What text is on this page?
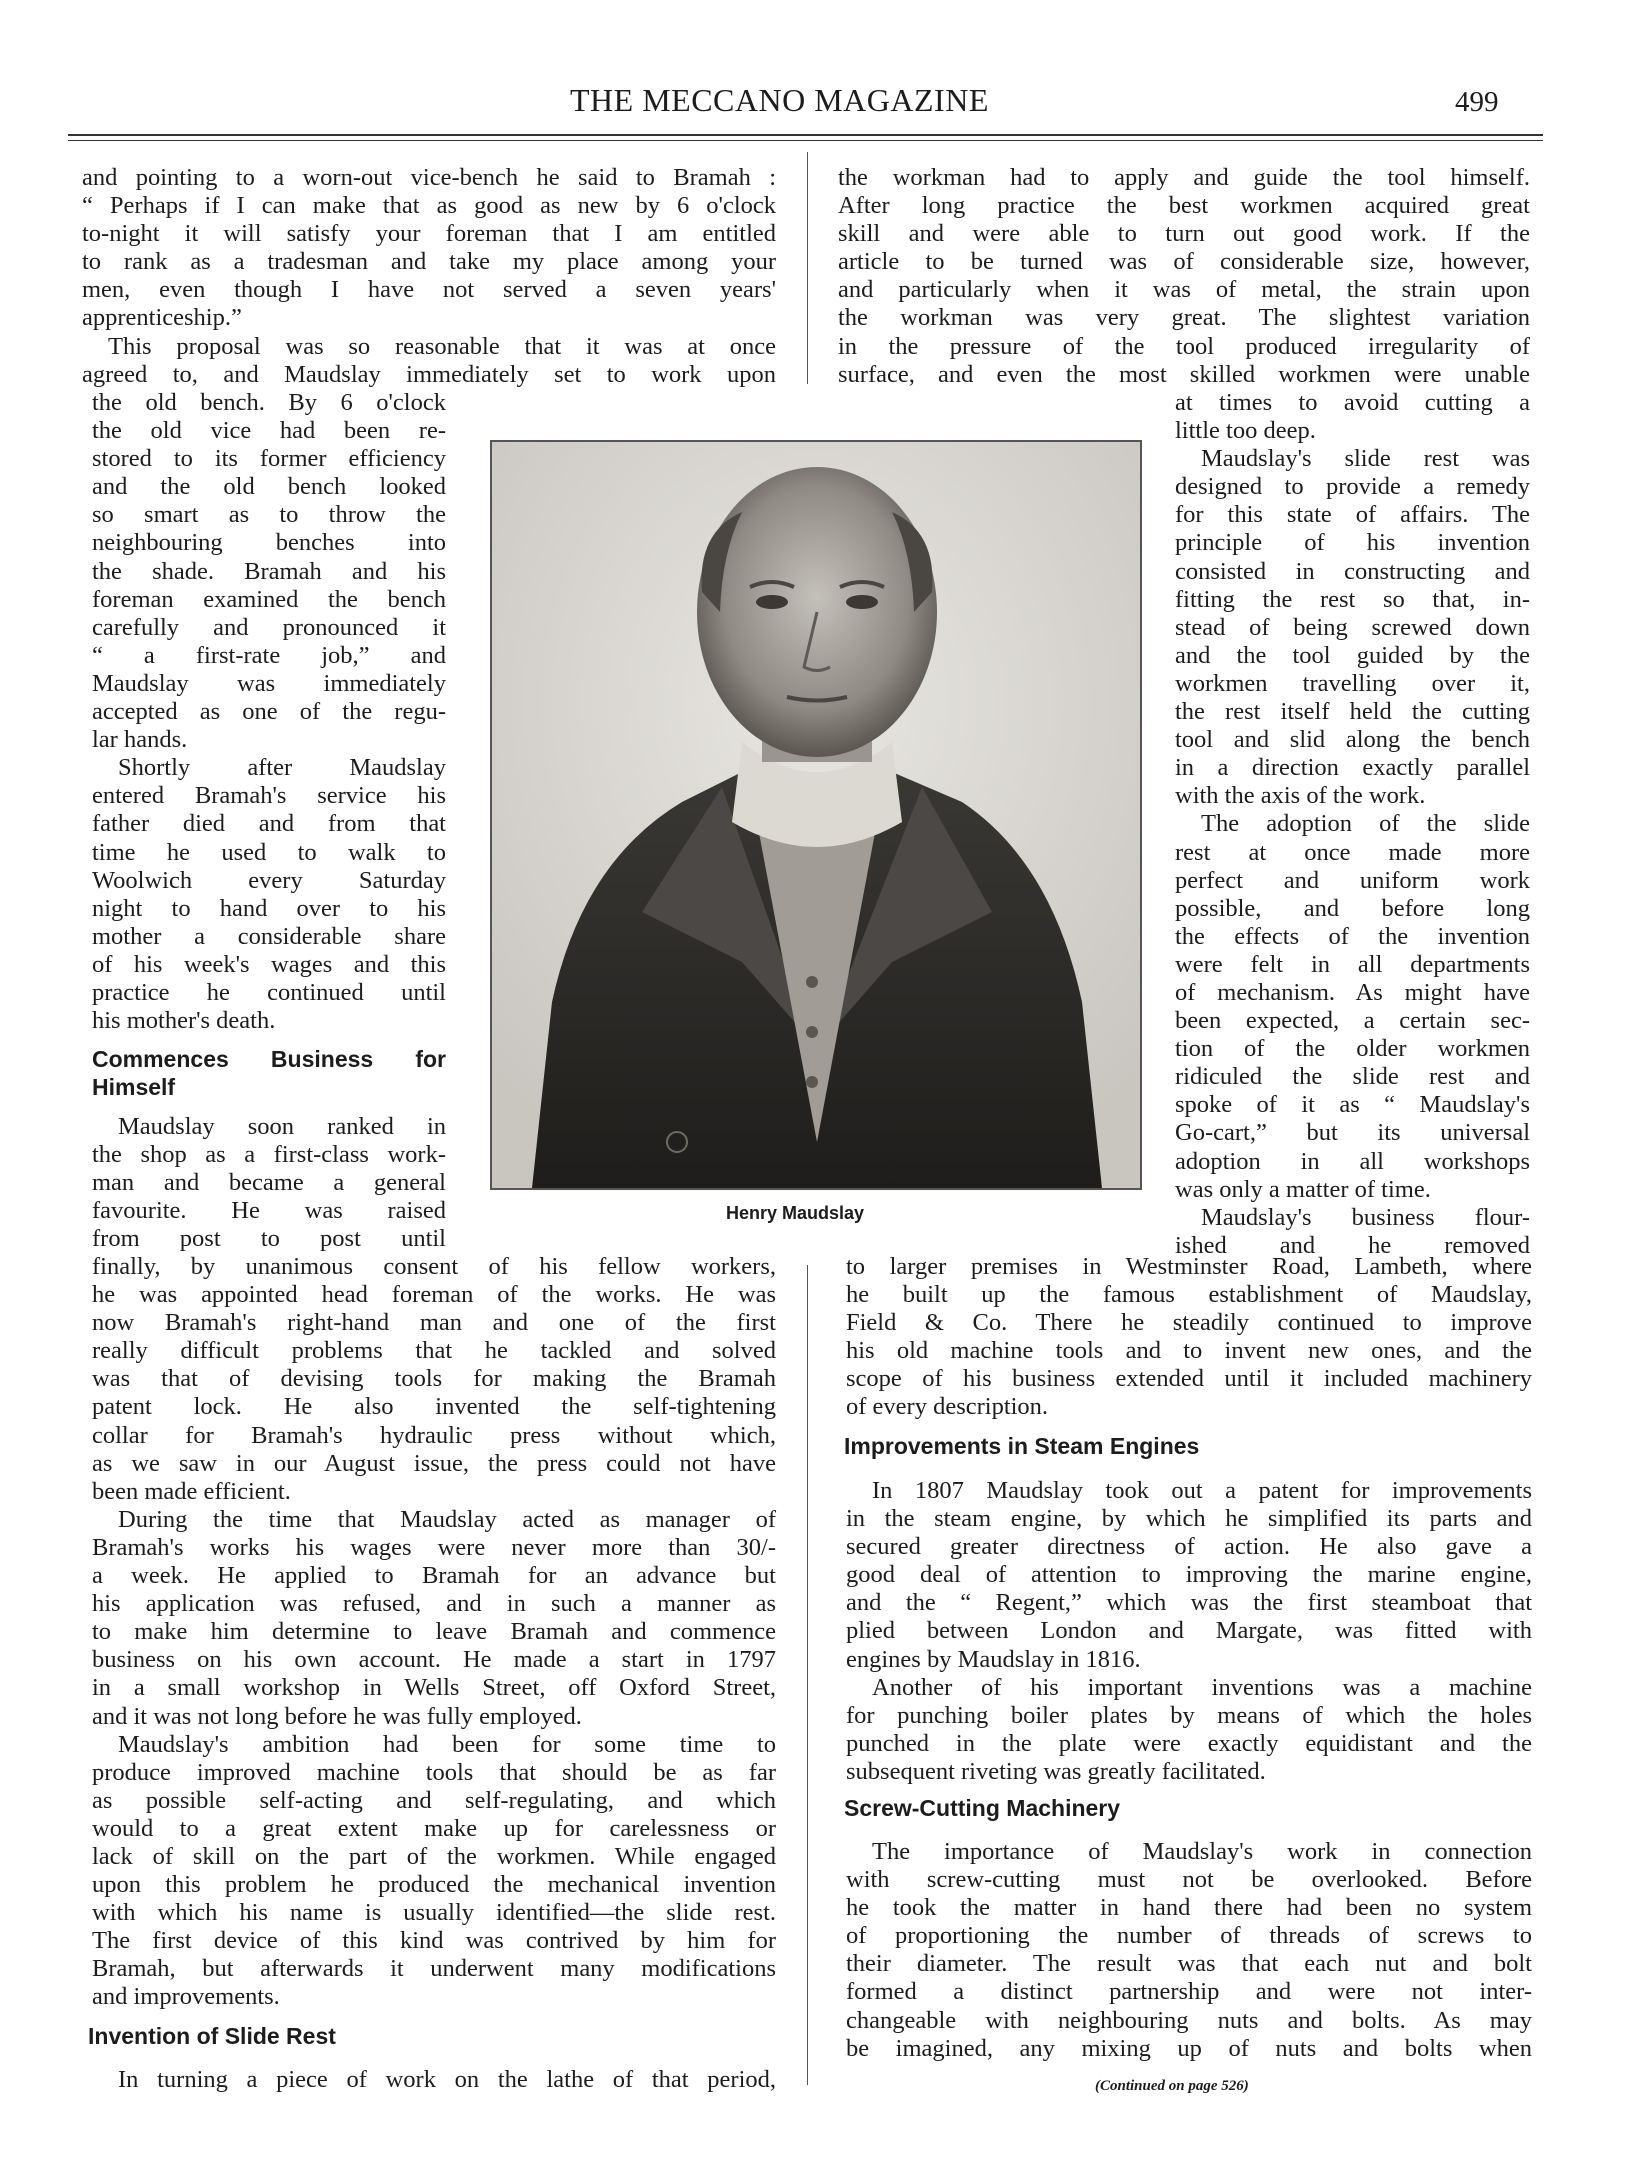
THE MECCANO MAGAZINE	499
and pointing to a worn-out vice-bench he said to Bramah :
“ Perhaps if I can make that as good as new by 6 o'clock
to-night it will satisfy your foreman that I am entitled
to rank as a tradesman and take my place among your
men, even though I have not served a seven years'
apprenticeship.”
This proposal was so reasonable that it was at once
agreed to, and Maudslay immediately set to work upon
the old bench. By 6 o'clock
the old vice had been re-
stored to its former efficiency
and the old bench looked
so smart as to throw the
neighbouring benches into
the shade. Bramah and his
foreman examined the bench
carefully and pronounced it
“ a first-rate job,” and
Maudslay was immediately
accepted as one of the regu-
lar hands.
Shortly after Maudslay
entered Bramah's service his
father died and from that
time he used to walk to
Woolwich every Saturday
night to hand over to his
mother a considerable share
of his week's wages and this
practice he continued until
his mother's death.
Commences Business for
Himself
Maudslay soon ranked in
the shop as a first-class work-
man and became a general
favourite. He was raised
from post to post until
finally, by unanimous consent of his fellow workers,
he was appointed head foreman of the works. He was
now Bramah's right-hand man and one of the first
really difficult problems that he tackled and solved
was that of devising tools for making the Bramah
patent lock. He also invented the self-tightening
collar for Bramah's hydraulic press without which,
as we saw in our August issue, the press could not have
been made efficient.
During the time that Maudslay acted as manager of
Bramah's works his wages were never more than 30/-
a week. He applied to Bramah for an advance but
his application was refused, and in such a manner as
to make him determine to leave Bramah and commence
business on his own account. He made a start in 1797
in a small workshop in Wells Street, off Oxford Street,
and it was not long before he was fully employed.
Maudslay's ambition had been for some time to
produce improved machine tools that should be as far
as possible self-acting and self-regulating, and which
would to a great extent make up for carelessness or
lack of skill on the part of the workmen. While engaged
upon this problem he produced the mechanical invention
with which his name is usually identified—the slide rest.
The first device of this kind was contrived by him for
Bramah, but afterwards it underwent many modifications
and improvements.
Invention of Slide Rest
In turning a piece of work on the lathe of that period,
the workman had to apply and guide the tool himself.
After long practice the best workmen acquired great
skill and were able to turn out good work. If the
article to be turned was of considerable size, however,
and particularly when it was of metal, the strain upon
the workman was very great. The slightest variation
in the pressure of the tool produced irregularity of
surface, and even the most skilled workmen were unable
at times to avoid cutting a
little too deep.
Maudslay's slide rest was
designed to provide a remedy
for this state of affairs. The
principle of his invention
consisted in constructing and
fitting the rest so that, in-
stead of being screwed down
and the tool guided by the
workmen travelling over it,
the rest itself held the cutting
tool and slid along the bench
in a direction exactly parallel
with the axis of the work.
The adoption of the slide
rest at once made more
perfect and uniform work
possible, and before long
the effects of the invention
were felt in all departments
of mechanism. As might have
been expected, a certain sec-
tion of the older workmen
ridiculed the slide rest and
spoke of it as “ Maudslay's
Go-cart,” but its universal
adoption in all workshops
was only a matter of time.
Maudslay's business flour-
ished and he removed
to larger premises in Westminster Road, Lambeth, where
he built up the famous establishment of Maudslay,
Field & Co. There he steadily continued to improve
his old machine tools and to invent new ones, and the
scope of his business extended until it included machinery
of every description.
Improvements in Steam Engines
In 1807 Maudslay took out a patent for improvements
in the steam engine, by which he simplified its parts and
secured greater directness of action. He also gave a
good deal of attention to improving the marine engine,
and the “ Regent,” which was the first steamboat that
plied between London and Margate, was fitted with
engines by Maudslay in 1816.
Another of his important inventions was a machine
for punching boiler plates by means of which the holes
punched in the plate were exactly equidistant and the
subsequent riveting was greatly facilitated.
Screw-Cutting Machinery
The importance of Maudslay's work in connection
with screw-cutting must not be overlooked. Before
he took the matter in hand there had been no system
of proportioning the number of threads of screws to
their diameter. The result was that each nut and bolt
formed a distinct partnership and were not inter-
changeable with neighbouring nuts and bolts. As may
be imagined, any mixing up of nuts and bolts when
(Continued on page 526)
Henry Maudslay
